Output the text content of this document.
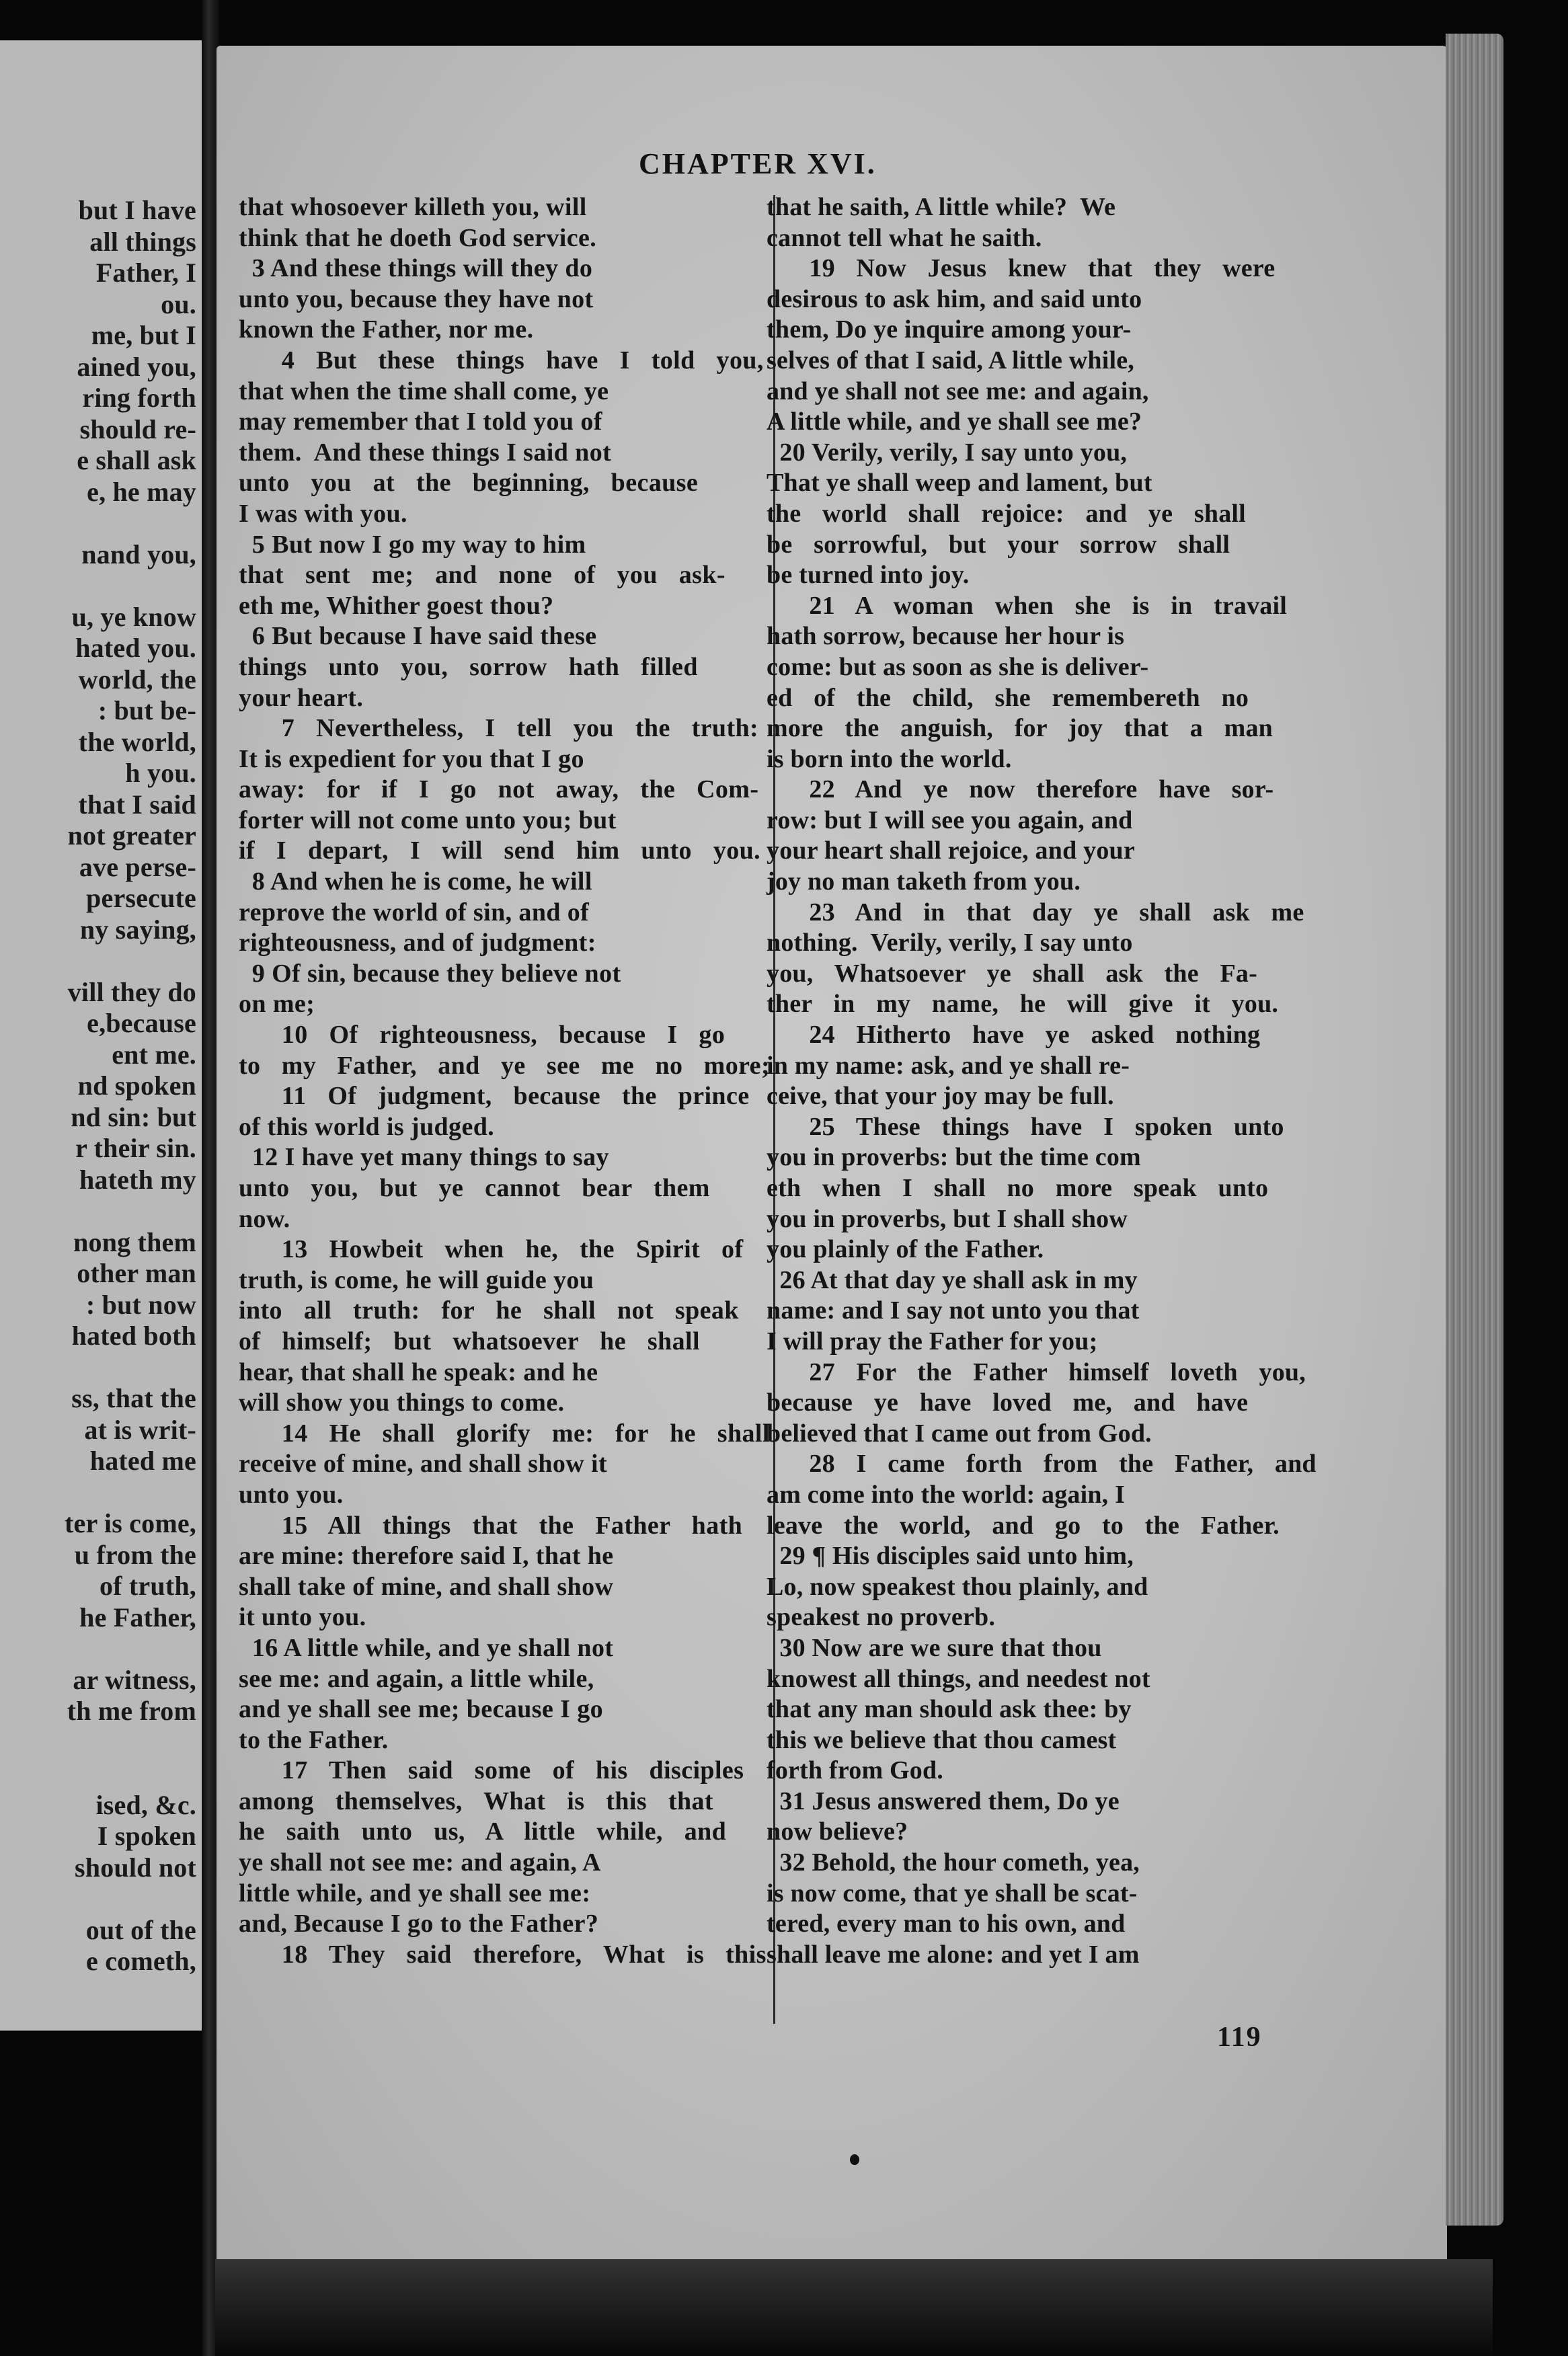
but I have
all things
Father, I
ou.
me, but I
ained you,
ring forth
should re-
e shall ask
e, he may
nand you,
u, ye know
hated you.
world, the
: but be-
the world,
h you.
that I said
not greater
ave perse-
persecute
ny saying,
vill they do
e,because
ent me.
nd spoken
nd sin: but
r their sin.
hateth my
nong them
other man
: but now
hated both
ss, that the
at is writ-
hated me
ter is come,
u from the
of truth,
he Father,
ar witness,
th me from
ised, &c.
I spoken
should not
out of the
e cometh,
CHAPTER XVI.
that whosoever killeth you, will
think that he doeth God service.
3 And these things will they do
unto you, because they have not
known the Father, nor me.
4 But these things have I told you,
that when the time shall come, ye
may remember that I told you of
them.  And these things I said not
unto you at the beginning, because
I was with you.
5 But now I go my way to him
that sent me; and none of you ask-
eth me, Whither goest thou?
6 But because I have said these
things unto you, sorrow hath filled
your heart.
7 Nevertheless, I tell you the truth:
It is expedient for you that I go
away: for if I go not away, the Com-
forter will not come unto you; but
if I depart, I will send him unto you.
8 And when he is come, he will
reprove the world of sin, and of
righteousness, and of judgment:
9 Of sin, because they believe not
on me;
10 Of righteousness, because I go
to my Father, and ye see me no more;
11 Of judgment, because the prince
of this world is judged.
12 I have yet many things to say
unto you, but ye cannot bear them
now.
13 Howbeit when he, the Spirit of
truth, is come, he will guide you
into all truth: for he shall not speak
of himself; but whatsoever he shall
hear, that shall he speak: and he
will show you things to come.
14 He shall glorify me: for he shall
receive of mine, and shall show it
unto you.
15 All things that the Father hath
are mine: therefore said I, that he
shall take of mine, and shall show
it unto you.
16 A little while, and ye shall not
see me: and again, a little while,
and ye shall see me; because I go
to the Father.
17 Then said some of his disciples
among themselves, What is this that
he saith unto us, A little while, and
ye shall not see me: and again, A
little while, and ye shall see me:
and, Because I go to the Father?
18 They said therefore, What is this
that he saith, A little while?  We
cannot tell what he saith.
19 Now Jesus knew that they were
desirous to ask him, and said unto
them, Do ye inquire among your-
selves of that I said, A little while,
and ye shall not see me: and again,
A little while, and ye shall see me?
20 Verily, verily, I say unto you,
That ye shall weep and lament, but
the world shall rejoice: and ye shall
be sorrowful, but your sorrow shall
be turned into joy.
21 A woman when she is in travail
hath sorrow, because her hour is
come: but as soon as she is deliver-
ed of the child, she remembereth no
more the anguish, for joy that a man
is born into the world.
22 And ye now therefore have sor-
row: but I will see you again, and
your heart shall rejoice, and your
joy no man taketh from you.
23 And in that day ye shall ask me
nothing.  Verily, verily, I say unto
you, Whatsoever ye shall ask the Fa-
ther in my name, he will give it you.
24 Hitherto have ye asked nothing
in my name: ask, and ye shall re-
ceive, that your joy may be full.
25 These things have I spoken unto
you in proverbs: but the time com
eth when I shall no more speak unto
you in proverbs, but I shall show
you plainly of the Father.
26 At that day ye shall ask in my
name: and I say not unto you that
I will pray the Father for you;
27 For the Father himself loveth you,
because ye have loved me, and have
believed that I came out from God.
28 I came forth from the Father, and
am come into the world: again, I
leave the world, and go to the Father.
29 ¶ His disciples said unto him,
Lo, now speakest thou plainly, and
speakest no proverb.
30 Now are we sure that thou
knowest all things, and needest not
that any man should ask thee: by
this we believe that thou camest
forth from God.
31 Jesus answered them, Do ye
now believe?
32 Behold, the hour cometh, yea,
is now come, that ye shall be scat-
tered, every man to his own, and
shall leave me alone: and yet I am
119
